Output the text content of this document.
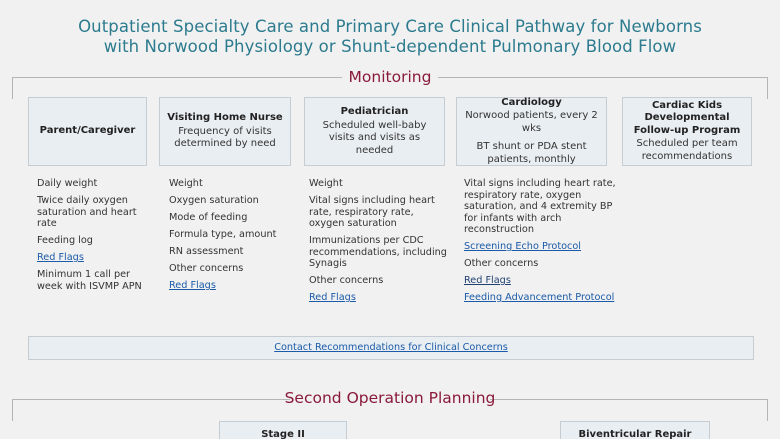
Outpatient Specialty Care and Primary Care Clinical Pathway for Newborns
with Norwood Physiology or Shunt-dependent Pulmonary Blood Flow
Monitoring
Parent/Caregiver
Visiting Home Nurse
Frequency of visits determined by need
Pediatrician
Scheduled well-baby visits and visits as needed
Cardiology
Norwood patients, every 2 wks
BT shunt or PDA stent patients, monthly
Cardiac Kids Developmental Follow-up Program
Scheduled per team recommendations
Daily weight
Twice daily oxygen saturation and heart rate
Feeding log
Red Flags
Minimum 1 call per week with ISVMP APN
Weight
Oxygen saturation
Mode of feeding
Formula type, amount
RN assessment
Other concerns
Red Flags
Weight
Vital signs including heart rate, respiratory rate, oxygen saturation
Immunizations per CDC recommendations, including Synagis
Other concerns
Red Flags
Vital signs including heart rate, respiratory rate, oxygen saturation, and 4 extremity BP for infants with arch reconstruction
Screening Echo Protocol
Other concerns
Red Flags
Feeding Advancement Protocol
Contact Recommendations for Clinical Concerns
Second Operation Planning
Stage II	Biventricular Repair
